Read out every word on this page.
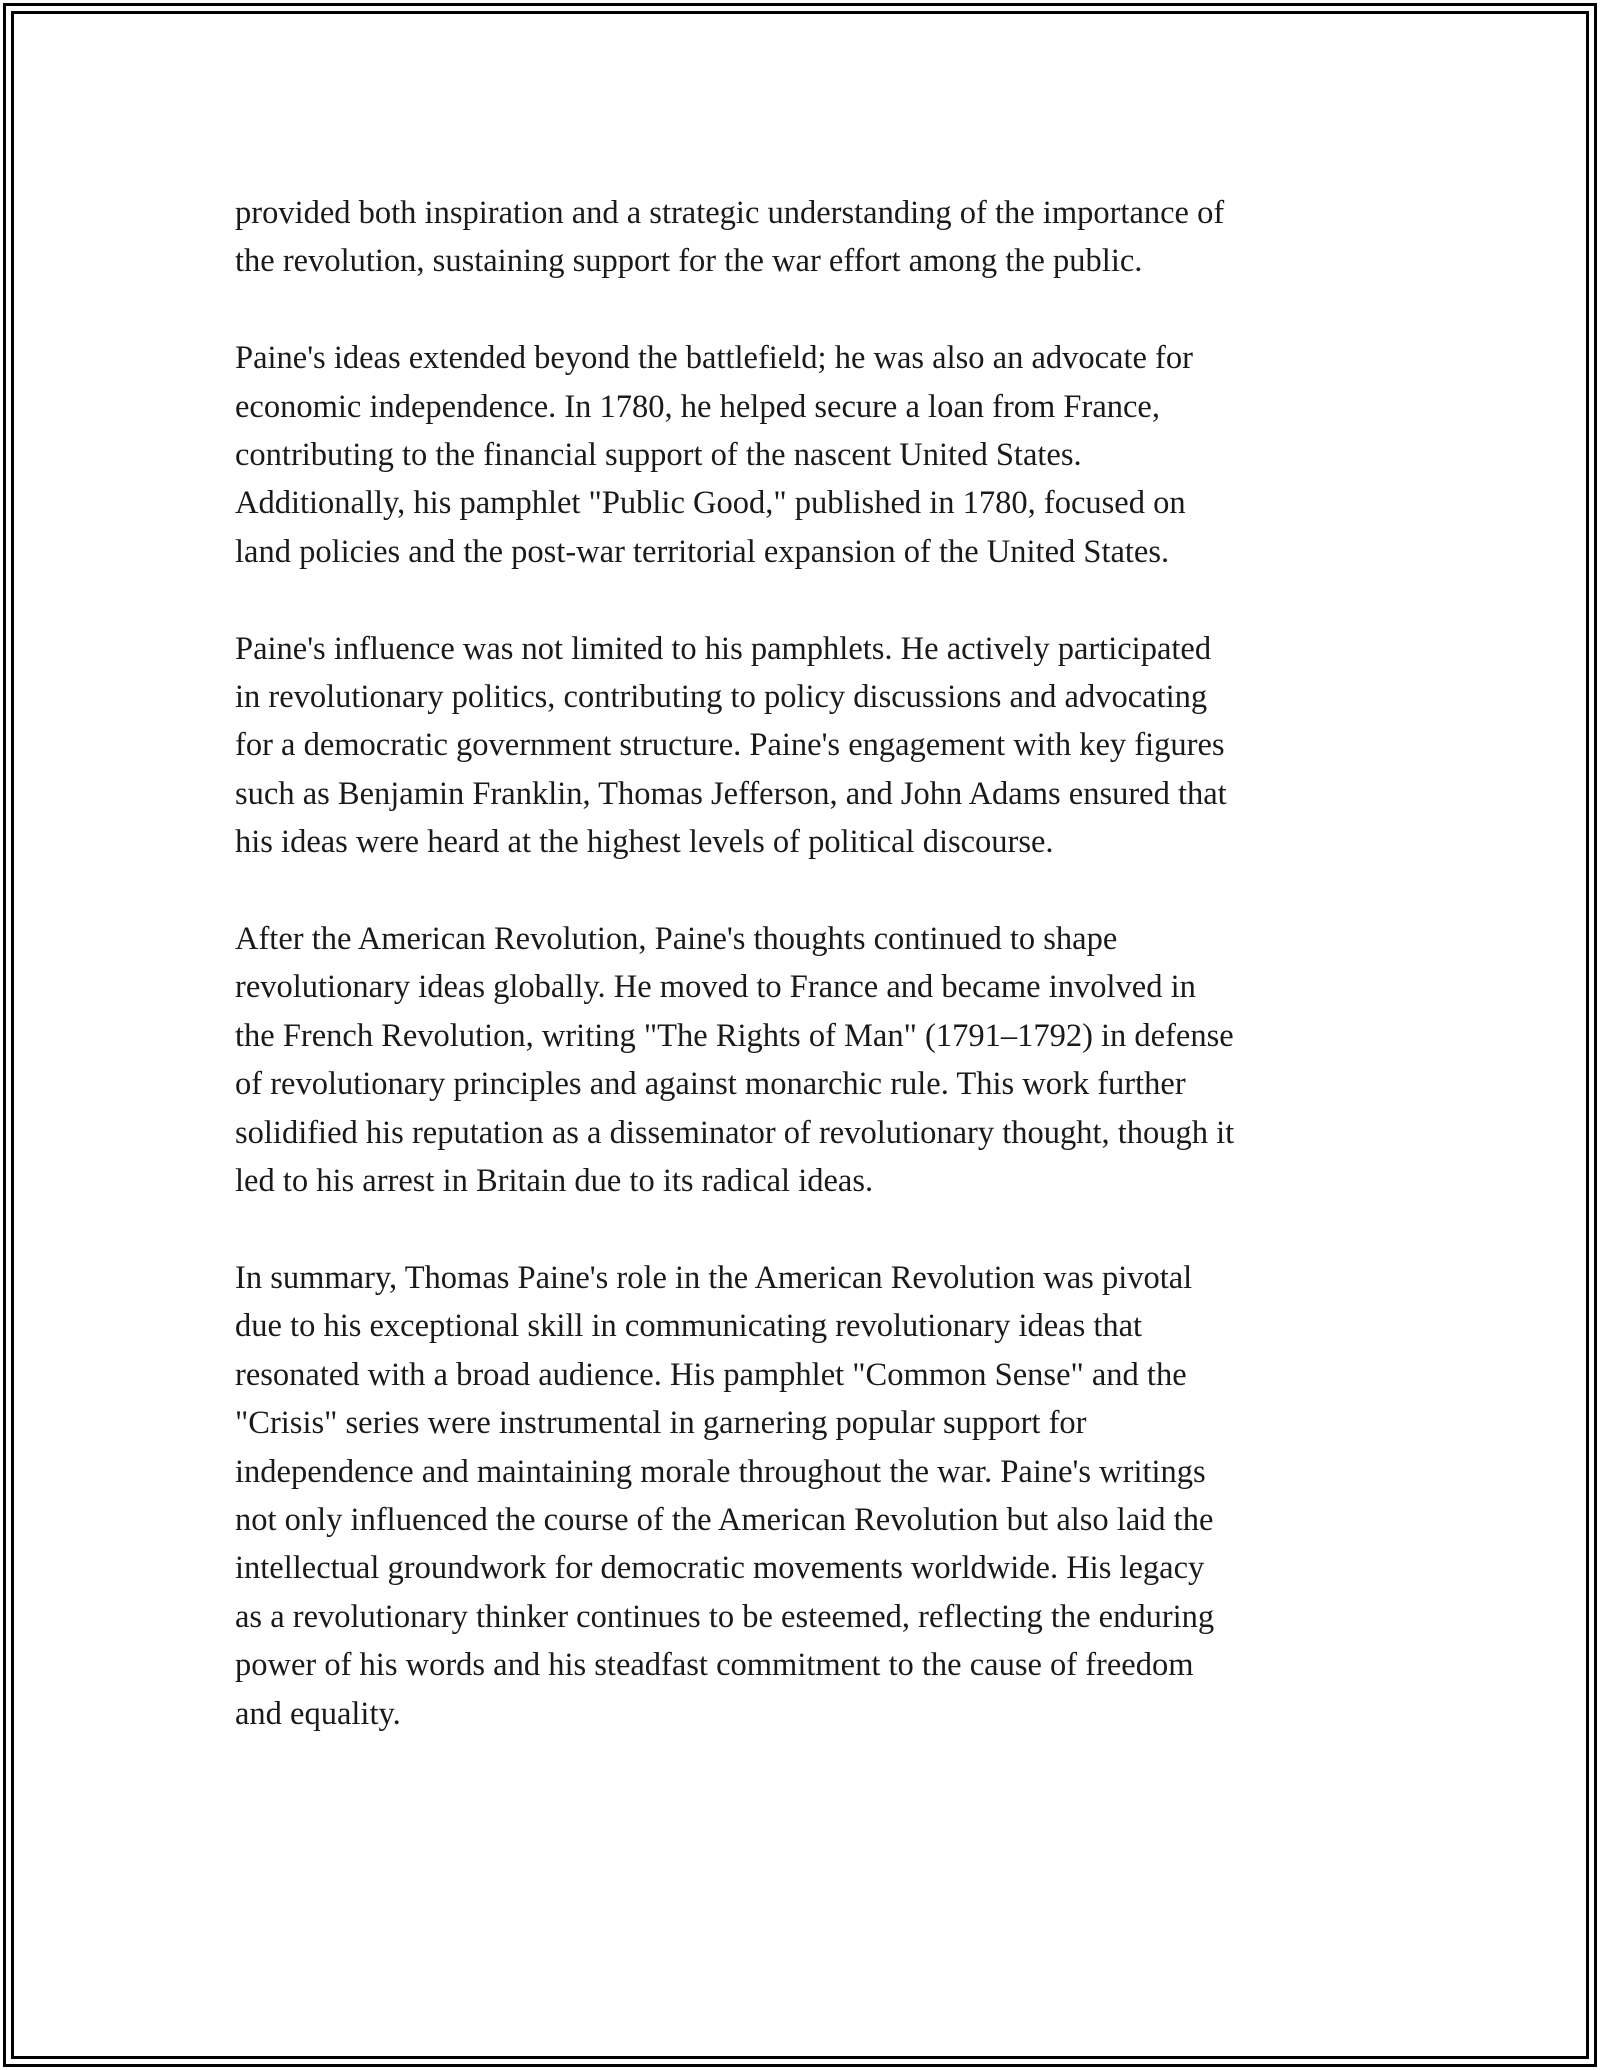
provided both inspiration and a strategic understanding of the importance of
the revolution, sustaining support for the war effort among the public.

Paine's ideas extended beyond the battlefield; he was also an advocate for
economic independence. In 1780, he helped secure a loan from France,
contributing to the financial support of the nascent United States.
Additionally, his pamphlet "Public Good," published in 1780, focused on
land policies and the post-war territorial expansion of the United States.

Paine's influence was not limited to his pamphlets. He actively participated
in revolutionary politics, contributing to policy discussions and advocating
for a democratic government structure. Paine's engagement with key figures
such as Benjamin Franklin, Thomas Jefferson, and John Adams ensured that
his ideas were heard at the highest levels of political discourse.

After the American Revolution, Paine's thoughts continued to shape
revolutionary ideas globally. He moved to France and became involved in
the French Revolution, writing "The Rights of Man" (1791–1792) in defense
of revolutionary principles and against monarchic rule. This work further
solidified his reputation as a disseminator of revolutionary thought, though it
led to his arrest in Britain due to its radical ideas.

In summary, Thomas Paine's role in the American Revolution was pivotal
due to his exceptional skill in communicating revolutionary ideas that
resonated with a broad audience. His pamphlet "Common Sense" and the
"Crisis" series were instrumental in garnering popular support for
independence and maintaining morale throughout the war. Paine's writings
not only influenced the course of the American Revolution but also laid the
intellectual groundwork for democratic movements worldwide. His legacy
as a revolutionary thinker continues to be esteemed, reflecting the enduring
power of his words and his steadfast commitment to the cause of freedom
and equality.
